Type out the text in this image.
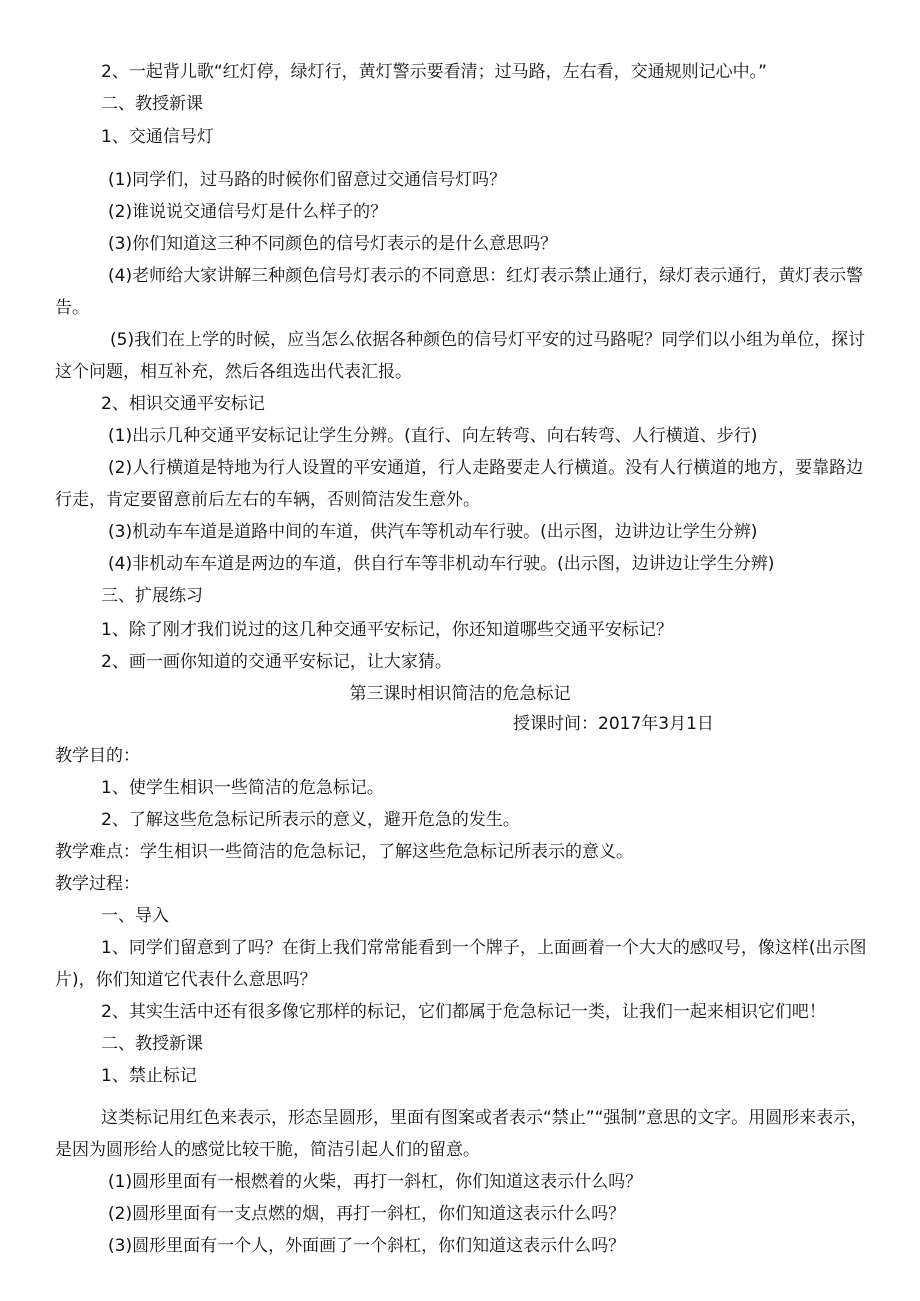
2、一起背儿歌“红灯停，绿灯行，黄灯警示要看清；过马路，左右看，交通规则记心中。”
二、教授新课
1、交通信号灯
(1)同学们，过马路的时候你们留意过交通信号灯吗？
(2)谁说说交通信号灯是什么样子的？
(3)你们知道这三种不同颜色的信号灯表示的是什么意思吗？
(4)老师给大家讲解三种颜色信号灯表示的不同意思：红灯表示禁止通行，绿灯表示通行，黄灯表示警告。
(5)我们在上学的时候，应当怎么依据各种颜色的信号灯平安的过马路呢？同学们以小组为单位，探讨这个问题，相互补充，然后各组选出代表汇报。
2、相识交通平安标记
(1)出示几种交通平安标记让学生分辨。(直行、向左转弯、向右转弯、人行横道、步行)
(2)人行横道是特地为行人设置的平安通道，行人走路要走人行横道。没有人行横道的地方，要靠路边行走，肯定要留意前后左右的车辆，否则简洁发生意外。
(3)机动车车道是道路中间的车道，供汽车等机动车行驶。(出示图，边讲边让学生分辨)
(4)非机动车车道是两边的车道，供自行车等非机动车行驶。(出示图，边讲边让学生分辨)
三、扩展练习
1、除了刚才我们说过的这几种交通平安标记，你还知道哪些交通平安标记？
2、画一画你知道的交通平安标记，让大家猜。
第三课时相识简洁的危急标记
授课时间：2017年3月1日
教学目的：
1、使学生相识一些简洁的危急标记。
2、了解这些危急标记所表示的意义，避开危急的发生。
教学难点：学生相识一些简洁的危急标记，了解这些危急标记所表示的意义。
教学过程：
一、导入
1、同学们留意到了吗？在街上我们常常能看到一个牌子，上面画着一个大大的感叹号，像这样(出示图片)，你们知道它代表什么意思吗？
2、其实生活中还有很多像它那样的标记，它们都属于危急标记一类，让我们一起来相识它们吧！
二、教授新课
1、禁止标记
这类标记用红色来表示，形态呈圆形，里面有图案或者表示“禁止”“强制”意思的文字。用圆形来表示，是因为圆形给人的感觉比较干脆，简洁引起人们的留意。
(1)圆形里面有一根燃着的火柴，再打一斜杠，你们知道这表示什么吗？
(2)圆形里面有一支点燃的烟，再打一斜杠，你们知道这表示什么吗？
(3)圆形里面有一个人，外面画了一个斜杠，你们知道这表示什么吗？
